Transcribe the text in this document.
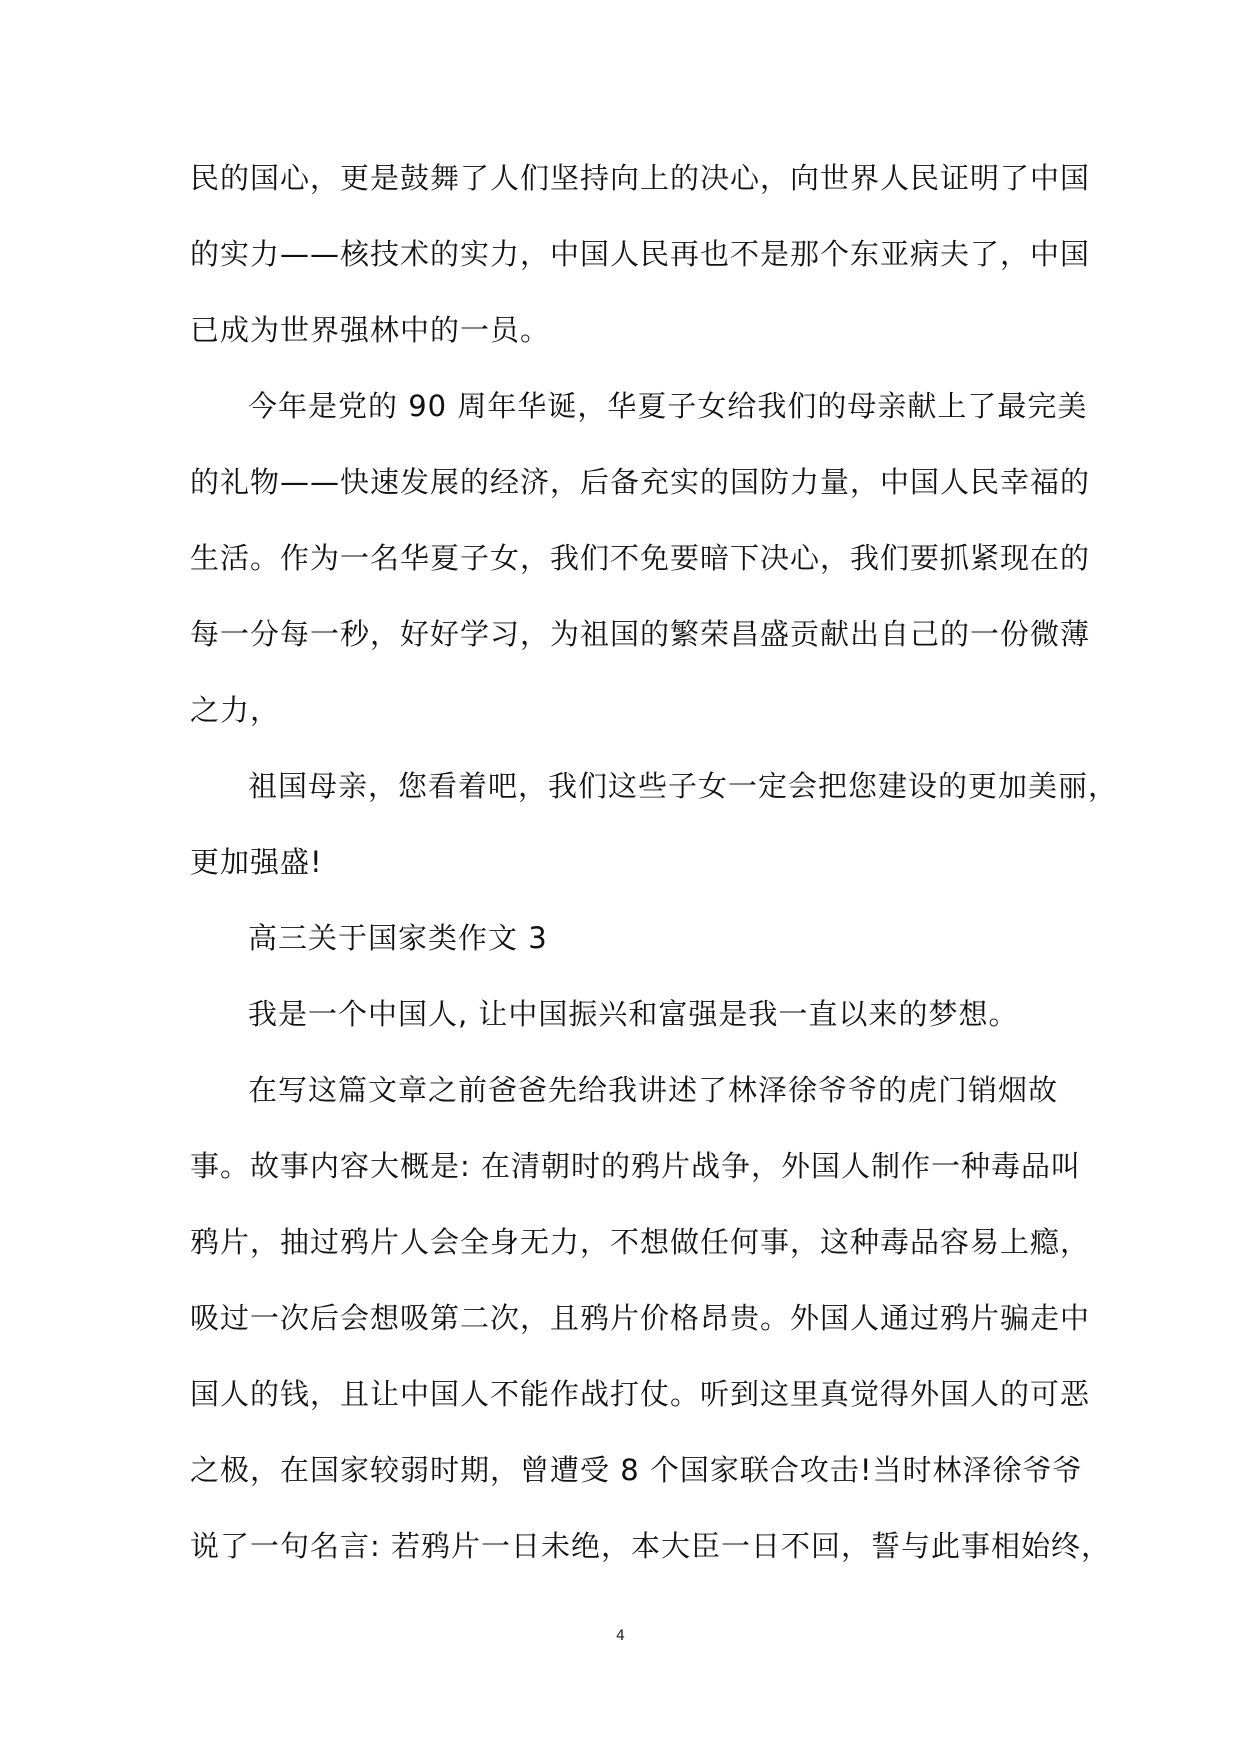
民的国心，更是鼓舞了人们坚持向上的决心，向世界人民证明了中国
的实力——核技术的实力，中国人民再也不是那个东亚病夫了，中国
已成为世界强林中的一员。
今年是党的 90 周年华诞，华夏子女给我们的母亲献上了最完美
的礼物——快速发展的经济，后备充实的国防力量，中国人民幸福的
生活。作为一名华夏子女，我们不免要暗下决心，我们要抓紧现在的
每一分每一秒，好好学习，为祖国的繁荣昌盛贡献出自己的一份微薄
之力，
祖国母亲，您看着吧，我们这些子女一定会把您建设的更加美丽，
更加强盛!
高三关于国家类作文 3
我是一个中国人, 让中国振兴和富强是我一直以来的梦想。
在写这篇文章之前爸爸先给我讲述了林泽徐爷爷的虎门销烟故
事。故事内容大概是: 在清朝时的鸦片战争，外国人制作一种毒品叫
鸦片，抽过鸦片人会全身无力，不想做任何事，这种毒品容易上瘾，
吸过一次后会想吸第二次，且鸦片价格昂贵。外国人通过鸦片骗走中
国人的钱，且让中国人不能作战打仗。听到这里真觉得外国人的可恶
之极，在国家较弱时期，曾遭受 8 个国家联合攻击!当时林泽徐爷爷
说了一句名言: 若鸦片一日未绝，本大臣一日不回，誓与此事相始终，
4
